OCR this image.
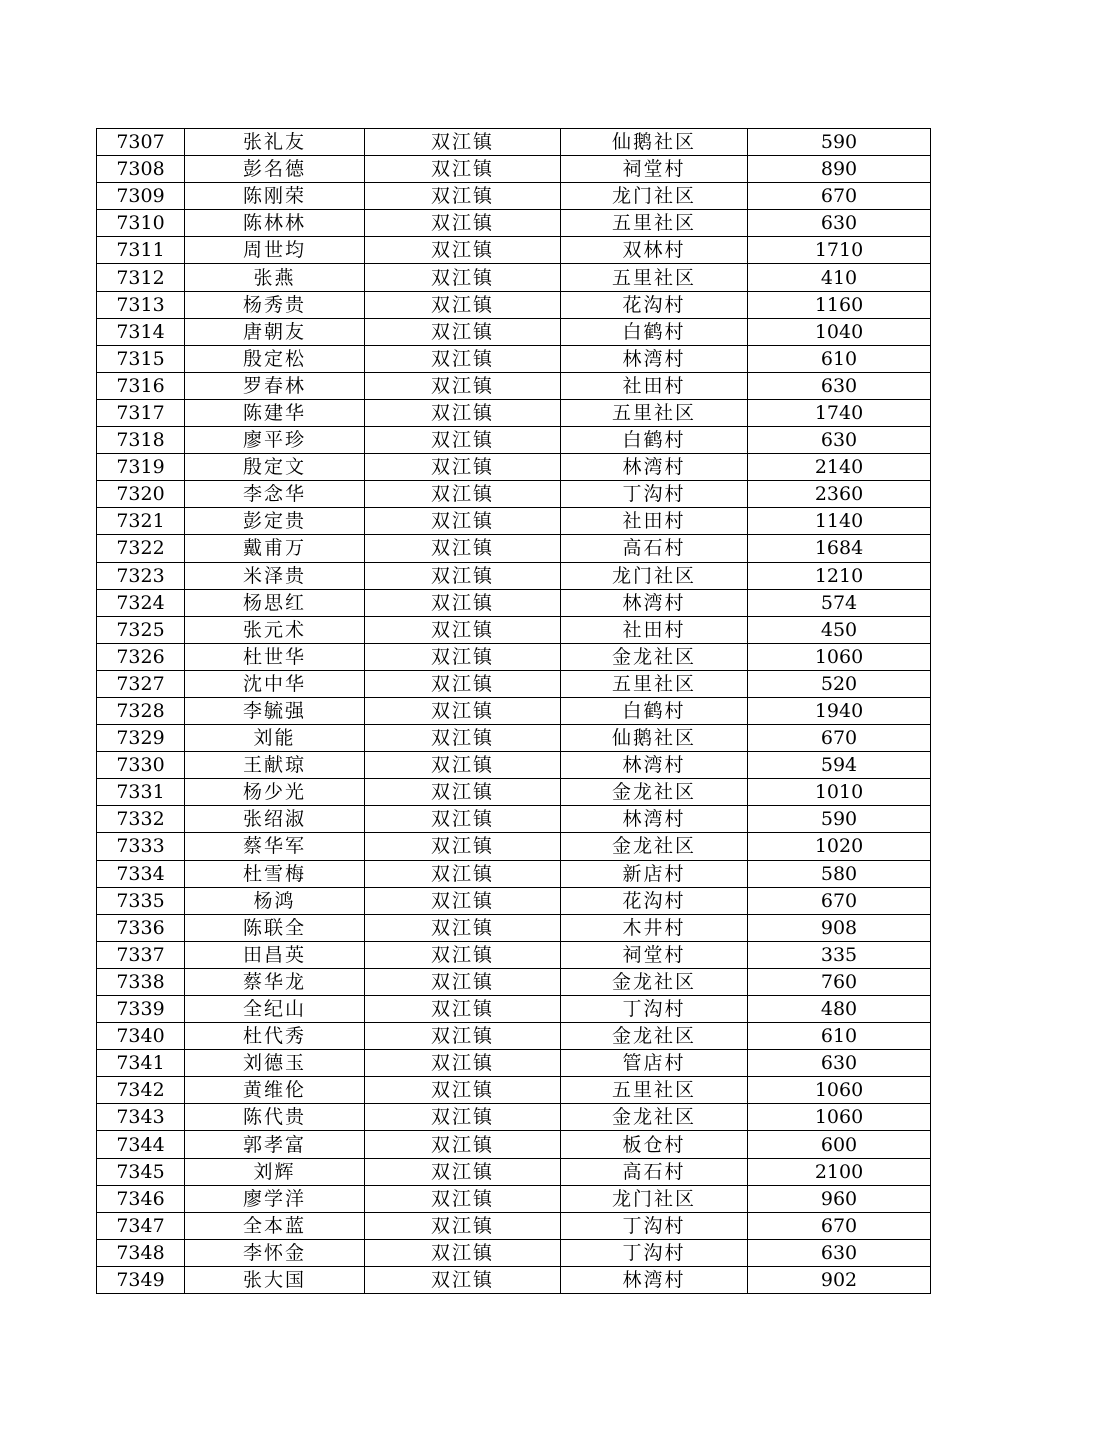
7307	张礼友	双江镇	仙鹅社区	590
7308	彭名德	双江镇	祠堂村	890
7309	陈刚荣	双江镇	龙门社区	670
7310	陈林林	双江镇	五里社区	630
7311	周世均	双江镇	双林村	1710
7312	张燕	双江镇	五里社区	410
7313	杨秀贵	双江镇	花沟村	1160
7314	唐朝友	双江镇	白鹤村	1040
7315	殷定松	双江镇	林湾村	610
7316	罗春林	双江镇	社田村	630
7317	陈建华	双江镇	五里社区	1740
7318	廖平珍	双江镇	白鹤村	630
7319	殷定文	双江镇	林湾村	2140
7320	李念华	双江镇	丁沟村	2360
7321	彭定贵	双江镇	社田村	1140
7322	戴甫万	双江镇	高石村	1684
7323	米泽贵	双江镇	龙门社区	1210
7324	杨思红	双江镇	林湾村	574
7325	张元术	双江镇	社田村	450
7326	杜世华	双江镇	金龙社区	1060
7327	沈中华	双江镇	五里社区	520
7328	李毓强	双江镇	白鹤村	1940
7329	刘能	双江镇	仙鹅社区	670
7330	王献琼	双江镇	林湾村	594
7331	杨少光	双江镇	金龙社区	1010
7332	张绍淑	双江镇	林湾村	590
7333	蔡华军	双江镇	金龙社区	1020
7334	杜雪梅	双江镇	新店村	580
7335	杨鸿	双江镇	花沟村	670
7336	陈联全	双江镇	木井村	908
7337	田昌英	双江镇	祠堂村	335
7338	蔡华龙	双江镇	金龙社区	760
7339	全纪山	双江镇	丁沟村	480
7340	杜代秀	双江镇	金龙社区	610
7341	刘德玉	双江镇	管店村	630
7342	黄维伦	双江镇	五里社区	1060
7343	陈代贵	双江镇	金龙社区	1060
7344	郭孝富	双江镇	板仓村	600
7345	刘辉	双江镇	高石村	2100
7346	廖学洋	双江镇	龙门社区	960
7347	全本蓝	双江镇	丁沟村	670
7348	李怀金	双江镇	丁沟村	630
7349	张大国	双江镇	林湾村	902
